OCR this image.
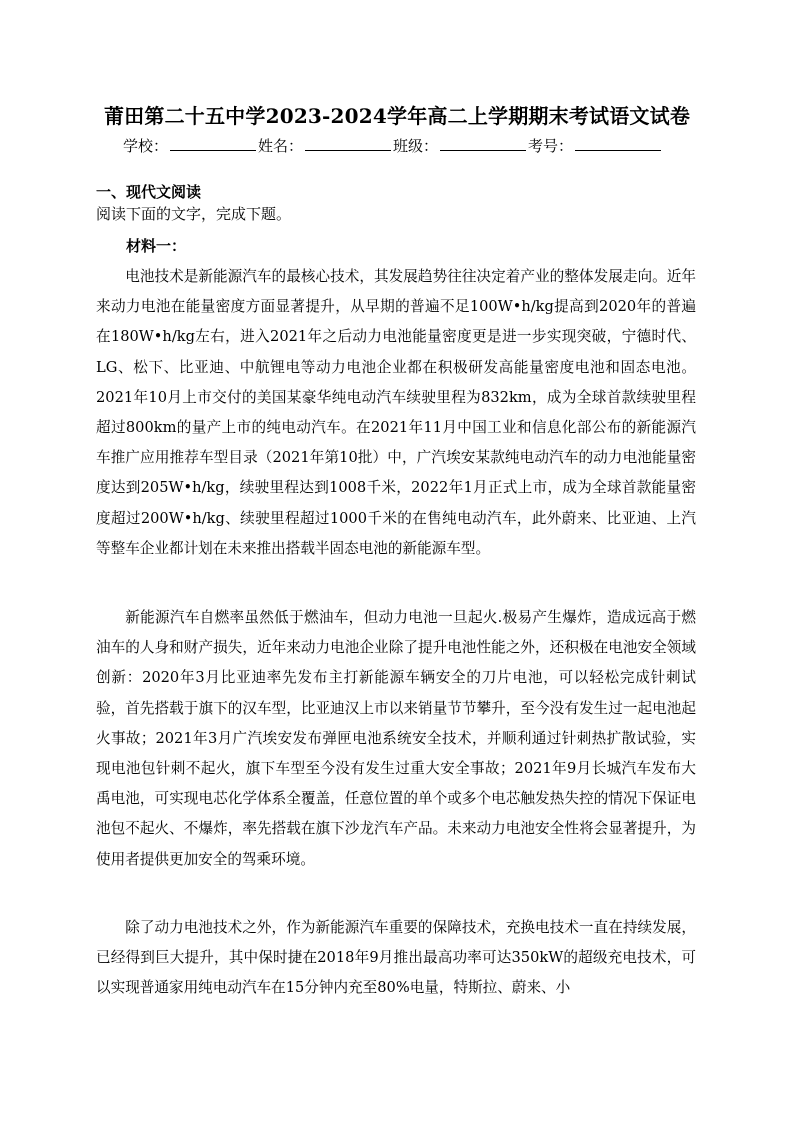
莆田第二十五中学2023-2024学年高二上学期期末考试语文试卷
学校：	姓名：	班级：	考号：
一、现代文阅读
阅读下面的文字，完成下题。
材料一：

电池技术是新能源汽车的最核心技术，其发展趋势往往决定着产业的整体发展走向。近年来动力电池在能量密度方面显著提升，从早期的普遍不足100W•h/kg提高到2020年的普遍在180W•h/kg左右，进入2021年之后动力电池能量密度更是进一步实现突破，宁德时代、LG、松下、比亚迪、中航锂电等动力电池企业都在积极研发高能量密度电池和固态电池。2021年10月上市交付的美国某豪华纯电动汽车续驶里程为832km，成为全球首款续驶里程超过800km的量产上市的纯电动汽车。在2021年11月中国工业和信息化部公布的新能源汽车推广应用推荐车型目录（2021年第10批）中，广汽埃安某款纯电动汽车的动力电池能量密度达到205W•h/kg，续驶里程达到1008千米，2022年1月正式上市，成为全球首款能量密度超过200W•h/kg、续驶里程超过1000千米的在售纯电动汽车，此外蔚来、比亚迪、上汽等整车企业都计划在未来推出搭载半固态电池的新能源车型。

新能源汽车自燃率虽然低于燃油车，但动力电池一旦起火.极易产生爆炸，造成远高于燃油车的人身和财产损失，近年来动力电池企业除了提升电池性能之外，还积极在电池安全领域创新：2020年3月比亚迪率先发布主打新能源车辆安全的刀片电池，可以轻松完成针刺试验，首先搭载于旗下的汉车型，比亚迪汉上市以来销量节节攀升，至今没有发生过一起电池起火事故；2021年3月广汽埃安发布弹匣电池系统安全技术，并顺利通过针刺热扩散试验，实现电池包针刺不起火，旗下车型至今没有发生过重大安全事故；2021年9月长城汽车发布大禹电池，可实现电芯化学体系全覆盖，任意位置的单个或多个电芯触发热失控的情况下保证电池包不起火、不爆炸，率先搭载在旗下沙龙汽车产品。未来动力电池安全性将会显著提升，为使用者提供更加安全的驾乘环境。

除了动力电池技术之外，作为新能源汽车重要的保障技术，充换电技术一直在持续发展，已经得到巨大提升，其中保时捷在2018年9月推出最高功率可达350kW的超级充电技术，可以实现普通家用纯电动汽车在15分钟内充至80%电量，特斯拉、蔚来、小
